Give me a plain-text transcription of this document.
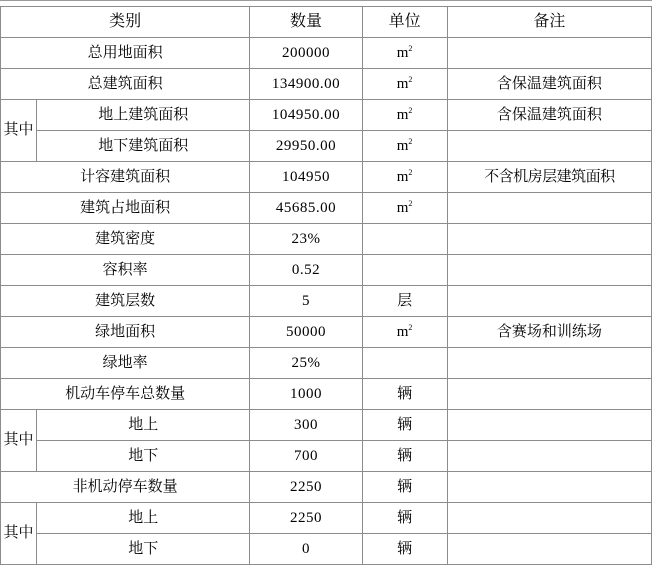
类别		数量	单位	备注
总用地面积		200000	$m^2$	
总建筑面积		134900.00	$m^2$	含保温建筑面积
其中	地上建筑面积	104950.00	$m^2$	含保温建筑面积
	地下建筑面积	29950.00	$m^2$	
计容建筑面积		104950	$m^2$	不含机房层建筑面积
建筑占地面积		45685.00	$m^2$	
建筑密度		23%		
容积率		0.52		
建筑层数		5	层	
绿地面积		50000	$m^2$	含赛场和训练场
绿地率		25%		
机动车停车总数量		1000	辆	
其中	地上	300	辆	
	地下	700	辆	
非机动停车数量		2250	辆	
其中	地上	2250	辆	
	地下	0	辆	
